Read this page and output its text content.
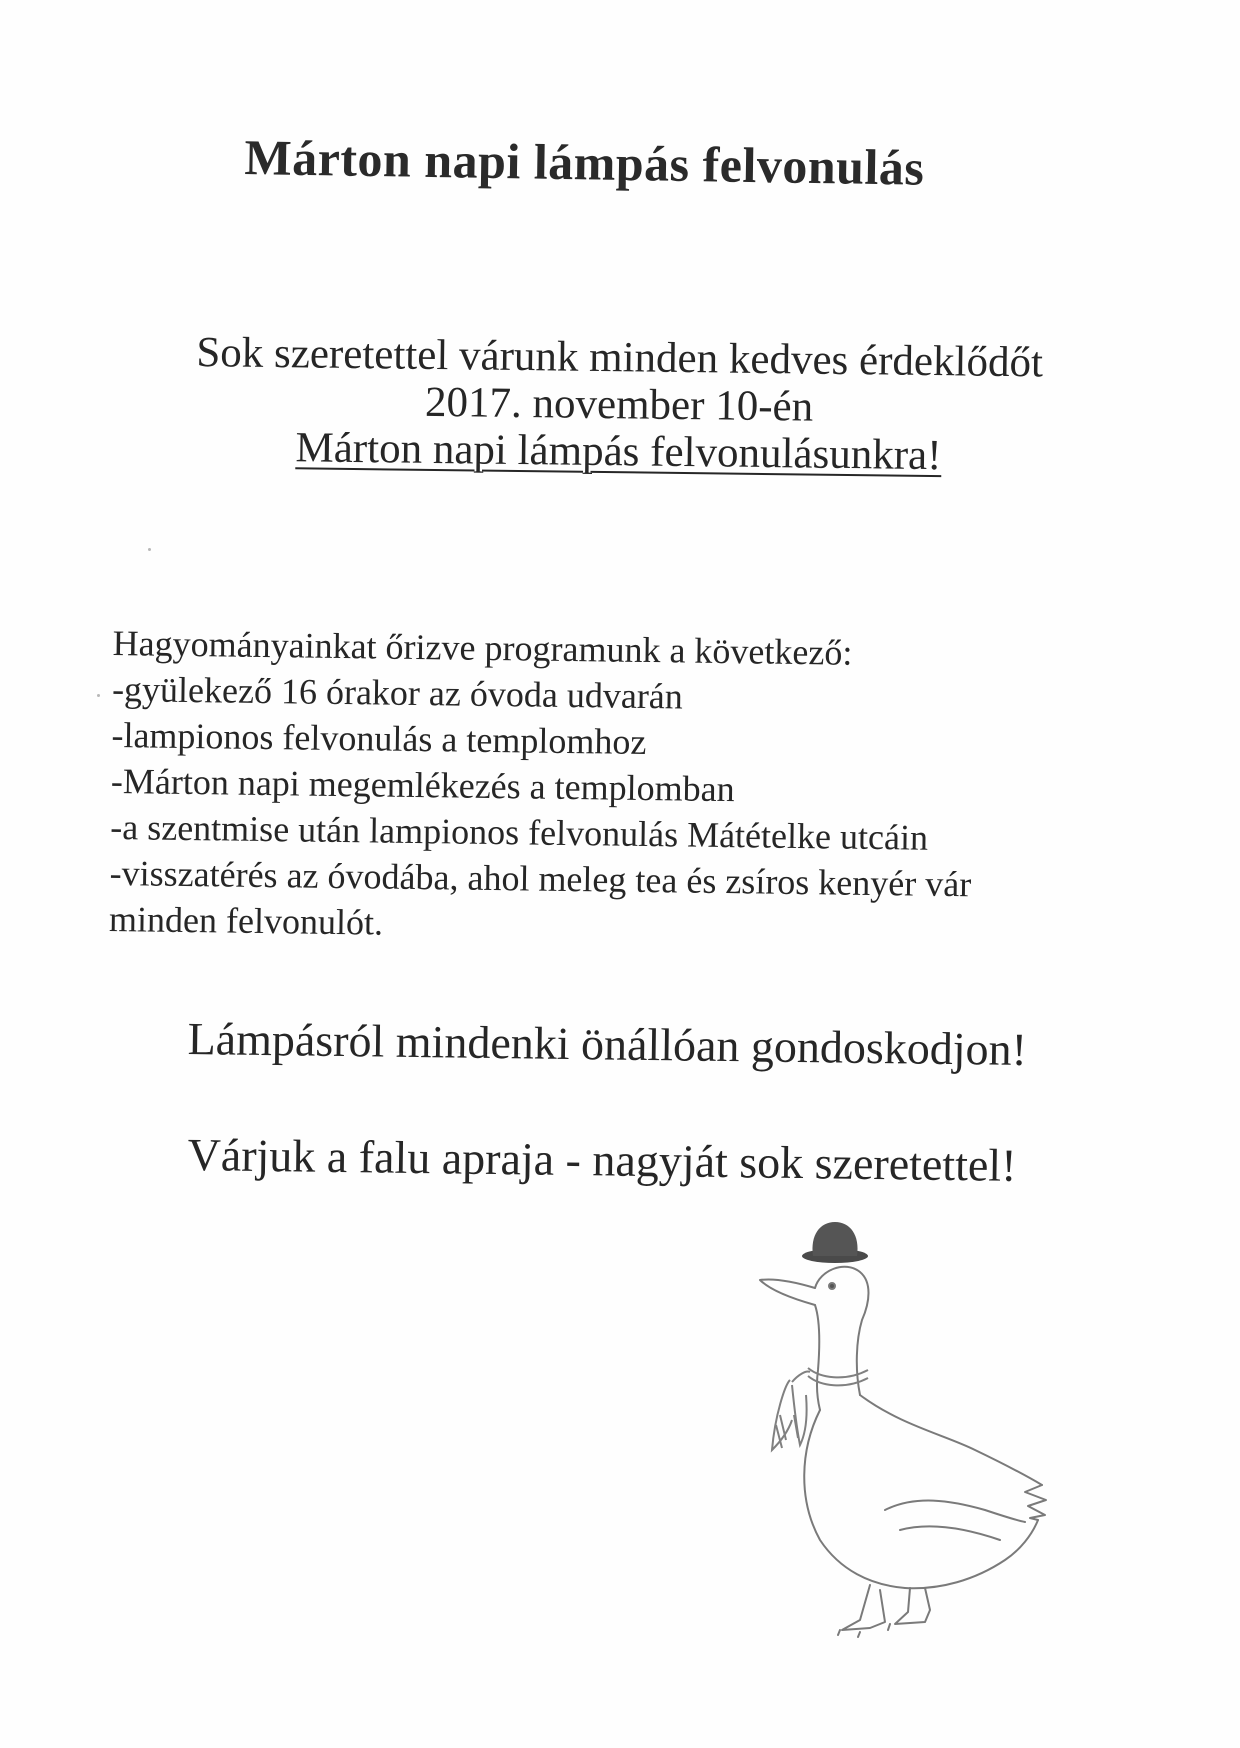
Márton napi lámpás felvonulás
Sok szeretettel várunk minden kedves érdeklődőt
2017. november 10-én
Márton napi lámpás felvonulásunkra!
Hagyományainkat őrizve programunk a következő:
-gyülekező 16 órakor az óvoda udvarán
-lampionos felvonulás a templomhoz
-Márton napi megemlékezés a templomban
-a szentmise után lampionos felvonulás Mátételke utcáin
-visszatérés az óvodába, ahol meleg tea és zsíros kenyér vár
minden felvonulót.
Lámpásról mindenki önállóan gondoskodjon!
Várjuk a falu apraja - nagyját sok szeretettel!
